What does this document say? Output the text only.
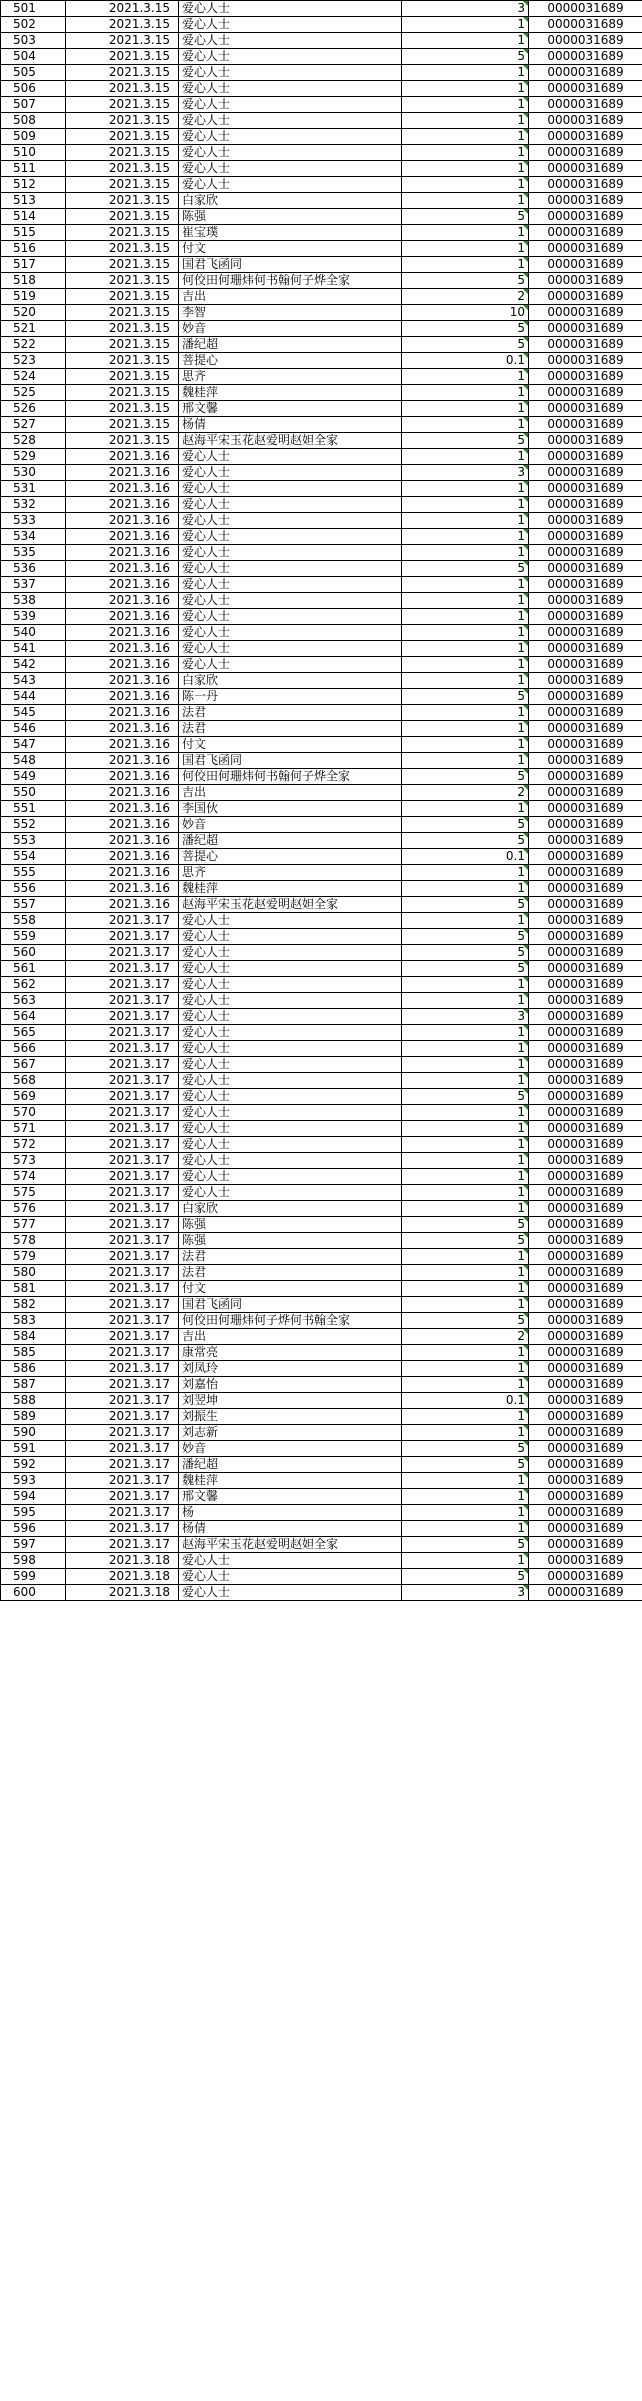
501	2021.3.15	爱心人士	3	0000031689
502	2021.3.15	爱心人士	1	0000031689
503	2021.3.15	爱心人士	1	0000031689
504	2021.3.15	爱心人士	5	0000031689
505	2021.3.15	爱心人士	1	0000031689
506	2021.3.15	爱心人士	1	0000031689
507	2021.3.15	爱心人士	1	0000031689
508	2021.3.15	爱心人士	1	0000031689
509	2021.3.15	爱心人士	1	0000031689
510	2021.3.15	爱心人士	1	0000031689
511	2021.3.15	爱心人士	1	0000031689
512	2021.3.15	爱心人士	1	0000031689
513	2021.3.15	白家欣	1	0000031689
514	2021.3.15	陈强	5	0000031689
515	2021.3.15	崔宝璞	1	0000031689
516	2021.3.15	付文	1	0000031689
517	2021.3.15	国君飞函同	1	0000031689
518	2021.3.15	何佼田何珊炜何书翰何子烨全家	5	0000031689
519	2021.3.15	吉出	2	0000031689
520	2021.3.15	李智	10	0000031689
521	2021.3.15	妙音	5	0000031689
522	2021.3.15	潘纪超	5	0000031689
523	2021.3.15	菩提心	0.1	0000031689
524	2021.3.15	思齐	1	0000031689
525	2021.3.15	魏桂萍	1	0000031689
526	2021.3.15	邢文馨	1	0000031689
527	2021.3.15	杨倩	1	0000031689
528	2021.3.15	赵海平宋玉花赵爱明赵妲全家	5	0000031689
529	2021.3.16	爱心人士	1	0000031689
530	2021.3.16	爱心人士	3	0000031689
531	2021.3.16	爱心人士	1	0000031689
532	2021.3.16	爱心人士	1	0000031689
533	2021.3.16	爱心人士	1	0000031689
534	2021.3.16	爱心人士	1	0000031689
535	2021.3.16	爱心人士	1	0000031689
536	2021.3.16	爱心人士	5	0000031689
537	2021.3.16	爱心人士	1	0000031689
538	2021.3.16	爱心人士	1	0000031689
539	2021.3.16	爱心人士	1	0000031689
540	2021.3.16	爱心人士	1	0000031689
541	2021.3.16	爱心人士	1	0000031689
542	2021.3.16	爱心人士	1	0000031689
543	2021.3.16	白家欣	1	0000031689
544	2021.3.16	陈一丹	5	0000031689
545	2021.3.16	法君	1	0000031689
546	2021.3.16	法君	1	0000031689
547	2021.3.16	付文	1	0000031689
548	2021.3.16	国君飞函同	1	0000031689
549	2021.3.16	何佼田何珊炜何书翰何子烨全家	5	0000031689
550	2021.3.16	吉出	2	0000031689
551	2021.3.16	李国伙	1	0000031689
552	2021.3.16	妙音	5	0000031689
553	2021.3.16	潘纪超	5	0000031689
554	2021.3.16	菩提心	0.1	0000031689
555	2021.3.16	思齐	1	0000031689
556	2021.3.16	魏桂萍	1	0000031689
557	2021.3.16	赵海平宋玉花赵爱明赵妲全家	5	0000031689
558	2021.3.17	爱心人士	1	0000031689
559	2021.3.17	爱心人士	5	0000031689
560	2021.3.17	爱心人士	5	0000031689
561	2021.3.17	爱心人士	5	0000031689
562	2021.3.17	爱心人士	1	0000031689
563	2021.3.17	爱心人士	1	0000031689
564	2021.3.17	爱心人士	3	0000031689
565	2021.3.17	爱心人士	1	0000031689
566	2021.3.17	爱心人士	1	0000031689
567	2021.3.17	爱心人士	1	0000031689
568	2021.3.17	爱心人士	1	0000031689
569	2021.3.17	爱心人士	5	0000031689
570	2021.3.17	爱心人士	1	0000031689
571	2021.3.17	爱心人士	1	0000031689
572	2021.3.17	爱心人士	1	0000031689
573	2021.3.17	爱心人士	1	0000031689
574	2021.3.17	爱心人士	1	0000031689
575	2021.3.17	爱心人士	1	0000031689
576	2021.3.17	白家欣	1	0000031689
577	2021.3.17	陈强	5	0000031689
578	2021.3.17	陈强	5	0000031689
579	2021.3.17	法君	1	0000031689
580	2021.3.17	法君	1	0000031689
581	2021.3.17	付文	1	0000031689
582	2021.3.17	国君飞函同	1	0000031689
583	2021.3.17	何佼田何珊炜何子烨何书翰全家	5	0000031689
584	2021.3.17	吉出	2	0000031689
585	2021.3.17	康常亮	1	0000031689
586	2021.3.17	刘凤玲	1	0000031689
587	2021.3.17	刘嘉怡	1	0000031689
588	2021.3.17	刘翌坤	0.1	0000031689
589	2021.3.17	刘振生	1	0000031689
590	2021.3.17	刘志新	1	0000031689
591	2021.3.17	妙音	5	0000031689
592	2021.3.17	潘纪超	5	0000031689
593	2021.3.17	魏桂萍	1	0000031689
594	2021.3.17	邢文馨	1	0000031689
595	2021.3.17	杨	1	0000031689
596	2021.3.17	杨倩	1	0000031689
597	2021.3.17	赵海平宋玉花赵爱明赵妲全家	5	0000031689
598	2021.3.18	爱心人士	1	0000031689
599	2021.3.18	爱心人士	5	0000031689
600	2021.3.18	爱心人士	3	0000031689
